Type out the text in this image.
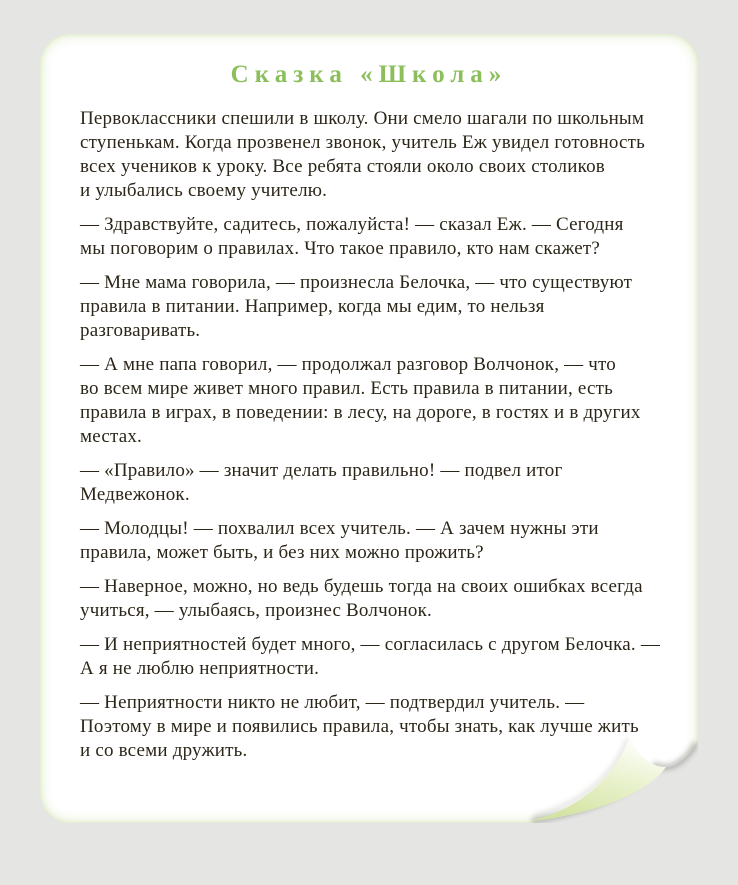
Сказка «Школа»

Первоклассники спешили в школу. Они смело шагали по школьным
ступенькам. Когда прозвенел звонок, учитель Еж увидел готовность
всех учеников к уроку. Все ребята стояли около своих столиков
и улыбались своему учителю.

— Здравствуйте, садитесь, пожалуйста! — сказал Еж. — Сегодня
мы поговорим о правилах. Что такое правило, кто нам скажет?

— Мне мама говорила, — произнесла Белочка, — что существуют
правила в питании. Например, когда мы едим, то нельзя
разговаривать.

— А мне папа говорил, — продолжал разговор Волчонок, — что
во всем мире живет много правил. Есть правила в питании, есть
правила в играх, в поведении: в лесу, на дороге, в гостях и в других
местах.

— «Правило» — значит делать правильно! — подвел итог
Медвежонок.

— Молодцы! — похвалил всех учитель. — А зачем нужны эти
правила, может быть, и без них можно прожить?

— Наверное, можно, но ведь будешь тогда на своих ошибках всегда
учиться, — улыбаясь, произнес Волчонок.

— И неприятностей будет много, — согласилась с другом Белочка. —
А я не люблю неприятности.

— Неприятности никто не любит, — подтвердил учитель. —
Поэтому в мире и появились правила, чтобы знать, как лучше жить
и со всеми дружить.
